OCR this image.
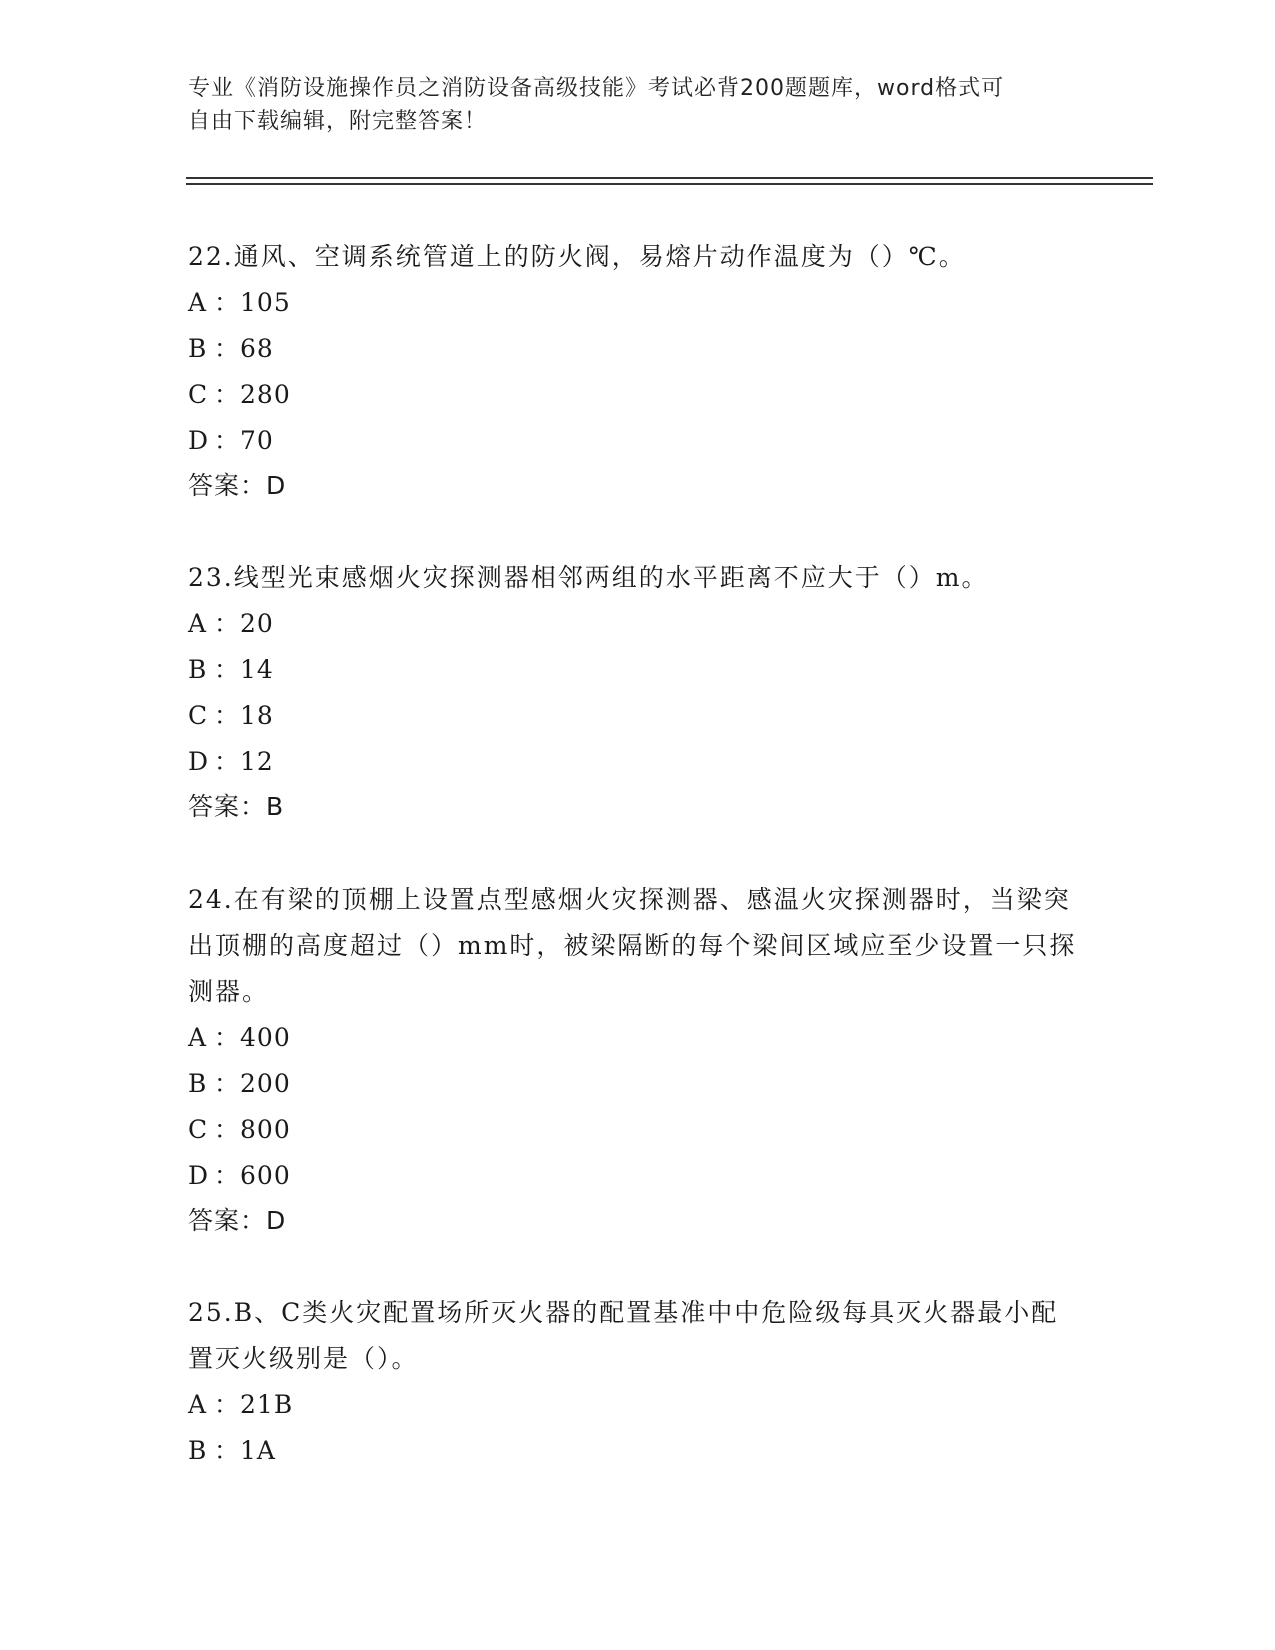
专业《消防设施操作员之消防设备高级技能》考试必背200题题库，word格式可
自由下载编辑，附完整答案！
22.通风、空调系统管道上的防火阀，易熔片动作温度为（）℃。
A ：105
B ：68
C ：280
D ：70
答案：D
23.线型光束感烟火灾探测器相邻两组的水平距离不应大于（）m。
A ：20
B ：14
C ：18
D ：12
答案：B
24.在有梁的顶棚上设置点型感烟火灾探测器、感温火灾探测器时，当梁突出顶棚的高度超过（）mm时，被梁隔断的每个梁间区域应至少设置一只探测器。
A ：400
B ：200
C ：800
D ：600
答案：D
25.B、C类火灾配置场所灭火器的配置基准中中危险级每具灭火器最小配置灭火级别是（）。
A ：21B
B ：1A
